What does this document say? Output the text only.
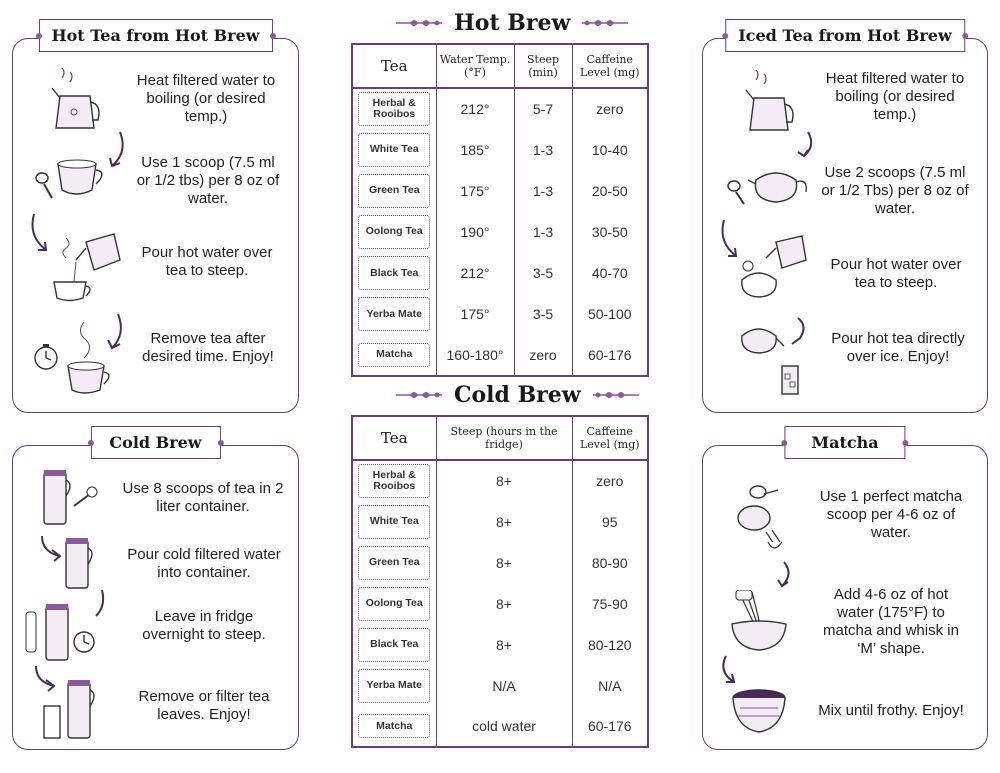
Hot Tea from Hot Brew
Heat filtered water to boiling (or desired temp.)
Use 1 scoop (7.5 ml or 1/2 tbs) per 8 oz of water.
Pour hot water over tea to steep.
Remove tea after desired time. Enjoy!
Cold Brew
Use 8 scoops of tea in 2 liter container.
Pour cold filtered water into container.
Leave in fridge overnight to steep.
Remove or filter tea leaves. Enjoy!
Iced Tea from Hot Brew
Heat filtered water to boiling (or desired temp.)
Use 2 scoops (7.5 ml or 1/2 Tbs) per 8 oz of water.
Pour hot water over tea to steep.
Pour hot tea directly over ice. Enjoy!
Matcha
Use 1 perfect matcha scoop per 4-6 oz of water.
Add 4-6 oz of hot water (175°F) to matcha and whisk in ‘M’ shape.
Mix until frothy. Enjoy!
Hot Brew
Tea	Water Temp. (°F)	Steep (min)	Caffeine Level (mg)

Herbal & Rooibos	212°	5-7	zero

White Tea	185°	1-3	10-40

Green Tea	175°	1-3	20-50

Oolong Tea	190°	1-3	30-50

Black Tea	212°	3-5	40-70

Yerba Mate	175°	3-5	50-100

Matcha	160-180°	zero	60-176
Cold Brew
Tea	Steep (hours in the fridge)	Caffeine Level (mg)

Herbal & Rooibos	8+	zero

White Tea	8+	95

Green Tea	8+	80-90

Oolong Tea	8+	75-90

Black Tea	8+	80-120

Yerba Mate	N/A	N/A

Matcha	cold water	60-176
